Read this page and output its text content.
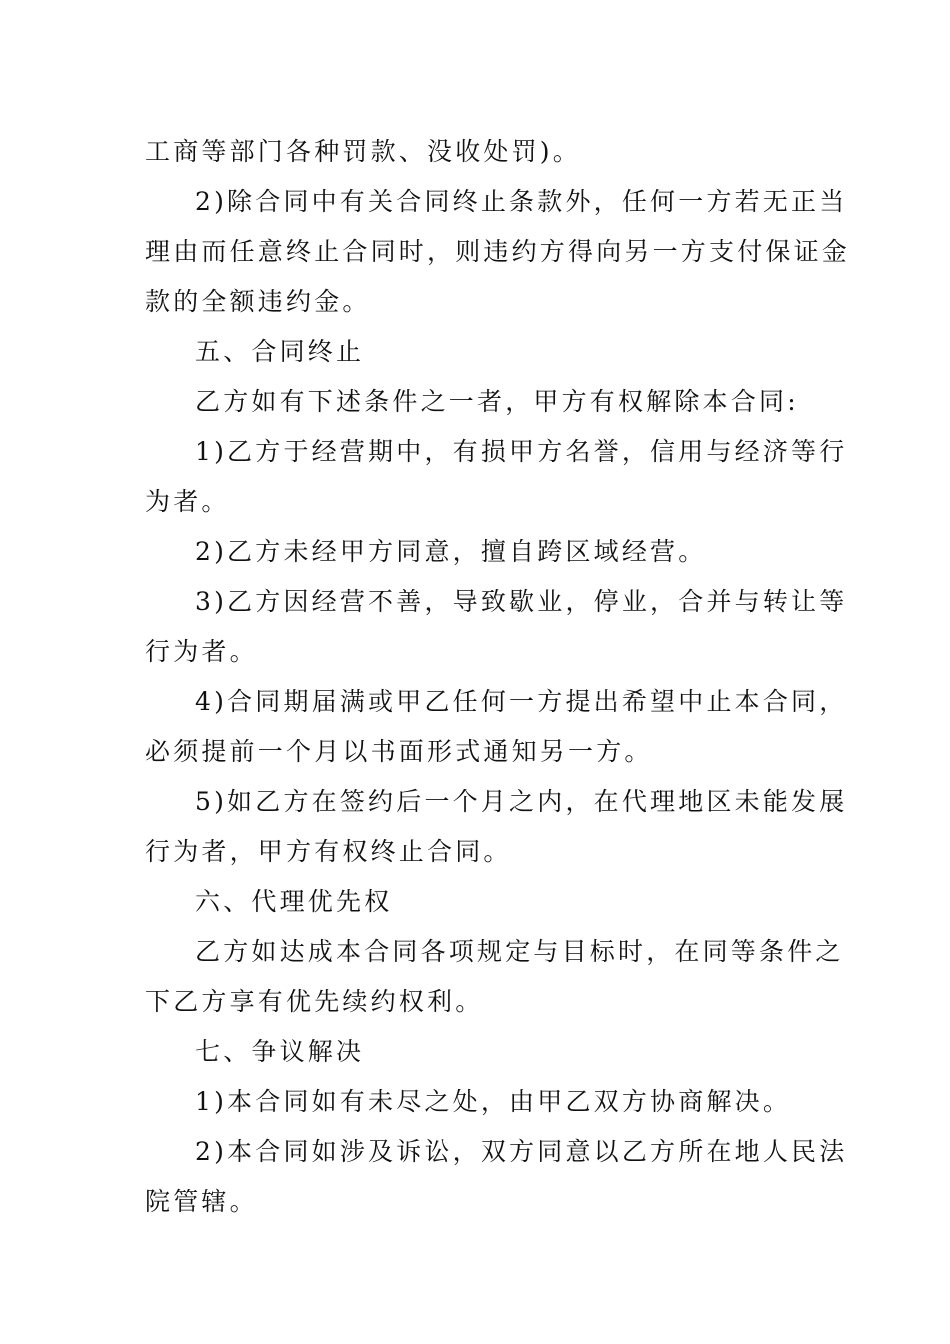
工商等部门各种罚款、没收处罚)。
2)除合同中有关合同终止条款外，任何一方若无正当
理由而任意终止合同时，则违约方得向另一方支付保证金
款的全额违约金。
五、合同终止
乙方如有下述条件之一者，甲方有权解除本合同:
1)乙方于经营期中，有损甲方名誉，信用与经济等行
为者。
2)乙方未经甲方同意，擅自跨区域经营。
3)乙方因经营不善，导致歇业，停业，合并与转让等
行为者。
4)合同期届满或甲乙任何一方提出希望中止本合同，
必须提前一个月以书面形式通知另一方。
5)如乙方在签约后一个月之内，在代理地区未能发展
行为者，甲方有权终止合同。
六、代理优先权
乙方如达成本合同各项规定与目标时，在同等条件之
下乙方享有优先续约权利。
七、争议解决
1)本合同如有未尽之处，由甲乙双方协商解决。
2)本合同如涉及诉讼，双方同意以乙方所在地人民法
院管辖。
